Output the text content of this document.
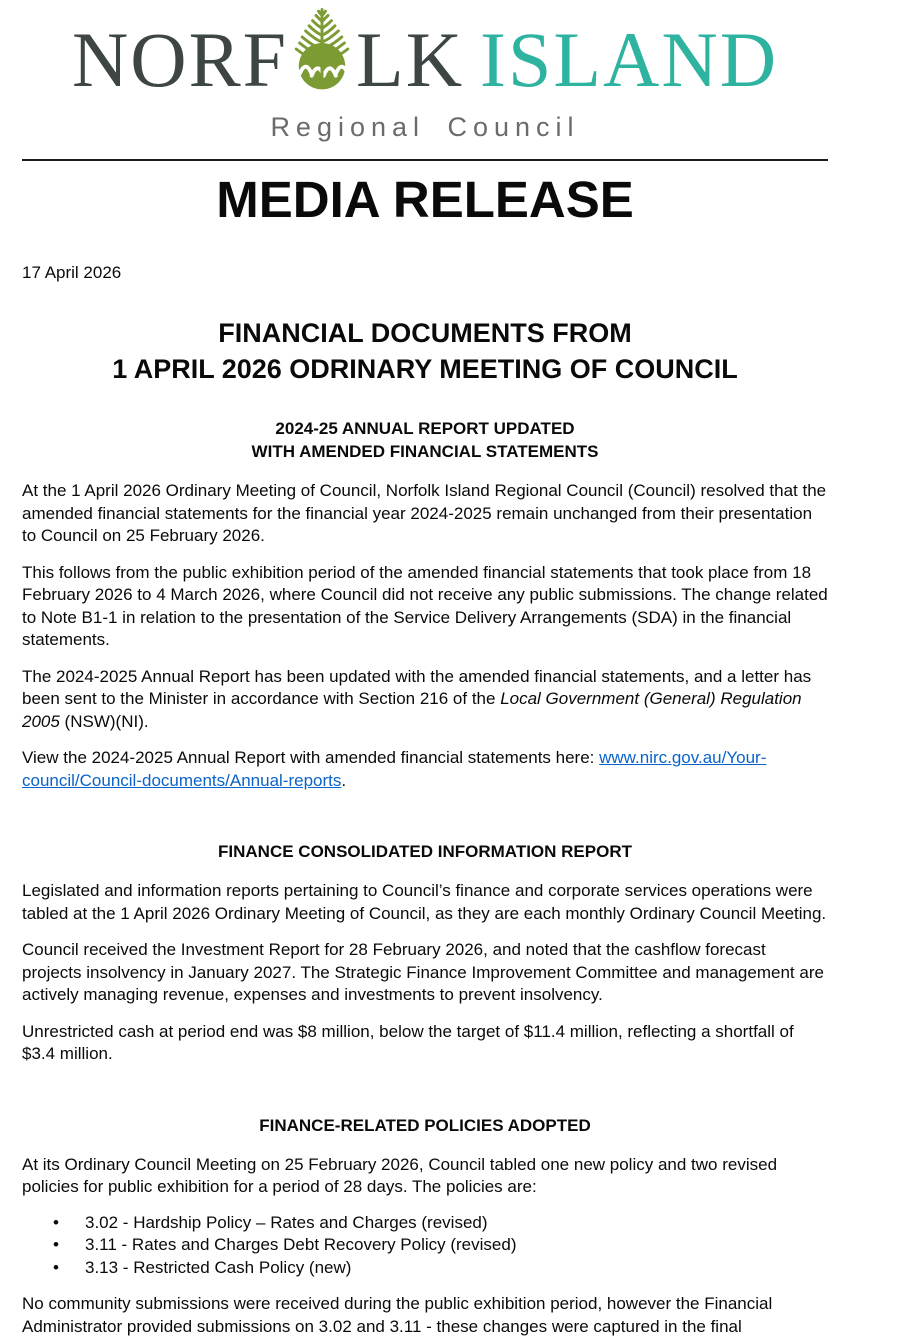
NORF LK ISLAND
Regional Council
MEDIA RELEASE
17 April 2026
FINANCIAL DOCUMENTS FROM
1 APRIL 2026 ODRINARY MEETING OF COUNCIL
2024-25 ANNUAL REPORT UPDATED
WITH AMENDED FINANCIAL STATEMENTS

At the 1 April 2026 Ordinary Meeting of Council, Norfolk Island Regional Council (Council) resolved that the amended financial statements for the financial year 2024-2025 remain unchanged from their presentation to Council on 25 February 2026.

This follows from the public exhibition period of the amended financial statements that took place from 18 February 2026 to 4 March 2026, where Council did not receive any public submissions. The change related to Note B1-1 in relation to the presentation of the Service Delivery Arrangements (SDA) in the financial statements.

The 2024-2025 Annual Report has been updated with the amended financial statements, and a letter has been sent to the Minister in accordance with Section 216 of the Local Government (General) Regulation 2005 (NSW)(NI).

View the 2024-2025 Annual Report with amended financial statements here: www.nirc.gov.au/Your-council/Council-documents/Annual-reports.

FINANCE CONSOLIDATED INFORMATION REPORT

Legislated and information reports pertaining to Council’s finance and corporate services operations were tabled at the 1 April 2026 Ordinary Meeting of Council, as they are each monthly Ordinary Council Meeting.

Council received the Investment Report for 28 February 2026, and noted that the cashflow forecast projects insolvency in January 2027. The Strategic Finance Improvement Committee and management are actively managing revenue, expenses and investments to prevent insolvency.

Unrestricted cash at period end was $8 million, below the target of $11.4 million, reflecting a shortfall of $3.4 million.

FINANCE-RELATED POLICIES ADOPTED

At its Ordinary Council Meeting on 25 February 2026, Council tabled one new policy and two revised policies for public exhibition for a period of 28 days. The policies are:

• 3.02 - Hardship Policy – Rates and Charges (revised)
• 3.11 - Rates and Charges Debt Recovery Policy (revised)
• 3.13 - Restricted Cash Policy (new)

No community submissions were received during the public exhibition period, however the Financial Administrator provided submissions on 3.02 and 3.11 - these changes were captured in the final
